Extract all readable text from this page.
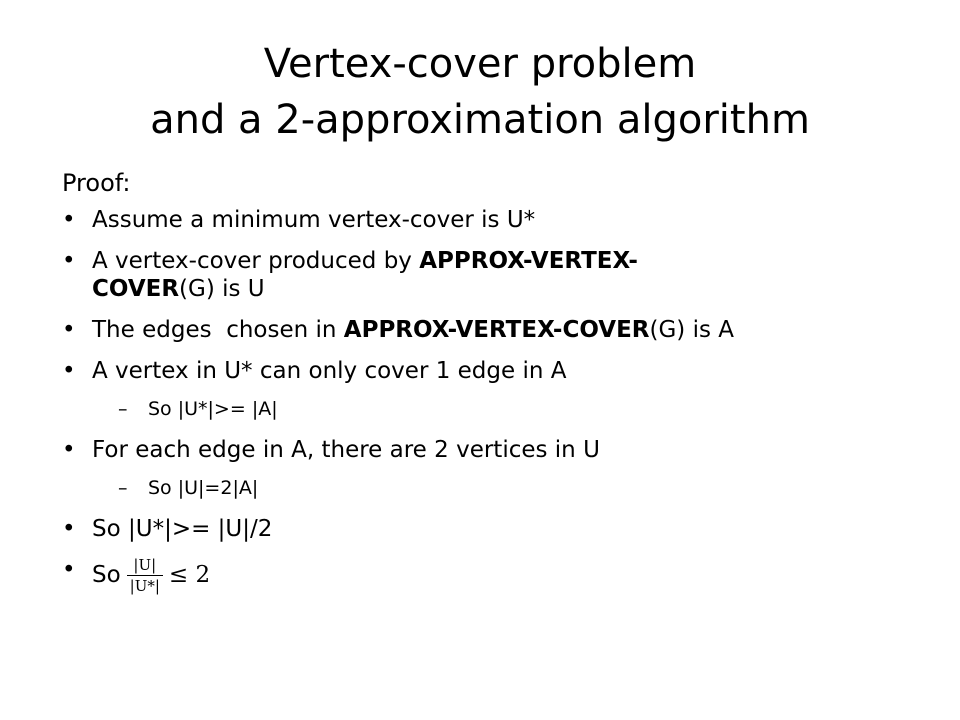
Vertex-cover problem
and a 2-approximation algorithm

Proof:

• Assume a minimum vertex-cover is U*

• A vertex-cover produced by APPROX-VERTEX-
COVER(G) is U

• The edges  chosen in APPROX-VERTEX-COVER(G) is A

• A vertex in U* can only cover 1 edge in A

– So |U*|>= |A|

• For each edge in A, there are 2 vertices in U

– So |U|=2|A|

• So |U*|>= |U|/2

• So $\frac{|U|}{|U*|} \le 2$
